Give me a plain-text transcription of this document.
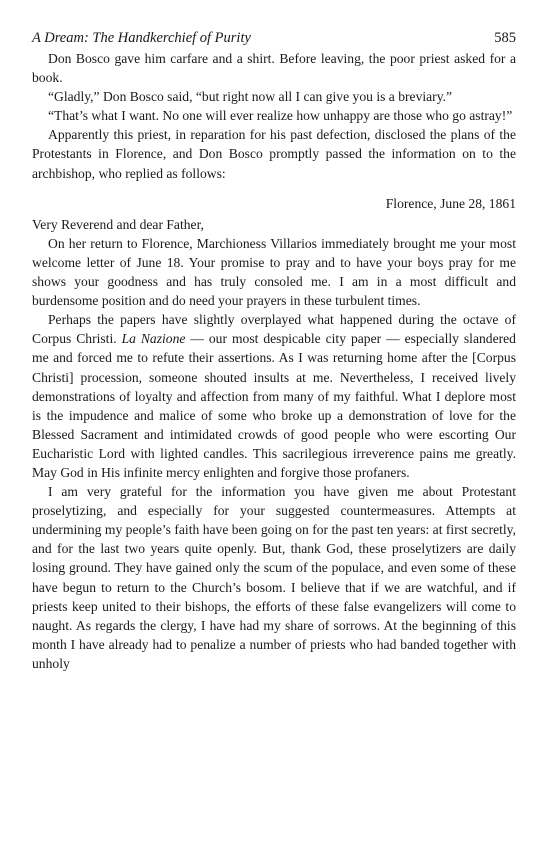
A Dream: The Handkerchief of Purity	585

Don Bosco gave him carfare and a shirt. Before leaving, the poor priest asked for a book.

“Gladly,” Don Bosco said, “but right now all I can give you is a breviary.”

“That’s what I want. No one will ever realize how unhappy are those who go astray!”

Apparently this priest, in reparation for his past defection, disclosed the plans of the Protestants in Florence, and Don Bosco promptly passed the information on to the archbishop, who replied as follows:

Florence, June 28, 1861

Very Reverend and dear Father,

On her return to Florence, Marchioness Villarios immediately brought me your most welcome letter of June 18. Your promise to pray and to have your boys pray for me shows your goodness and has truly consoled me. I am in a most difficult and burdensome position and do need your prayers in these turbulent times.

Perhaps the papers have slightly overplayed what happened during the octave of Corpus Christi. La Nazione — our most despicable city paper — especially slandered me and forced me to refute their assertions. As I was returning home after the [Corpus Christi] procession, someone shouted insults at me. Nevertheless, I received lively demonstrations of loyalty and affection from many of my faithful. What I deplore most is the impudence and malice of some who broke up a demonstration of love for the Blessed Sacrament and intimidated crowds of good people who were escorting Our Eucharistic Lord with lighted candles. This sacrilegious irreverence pains me greatly. May God in His infinite mercy enlighten and forgive those profaners.

I am very grateful for the information you have given me about Protestant proselytizing, and especially for your suggested countermeasures. Attempts at undermining my people’s faith have been going on for the past ten years: at first secretly, and for the last two years quite openly. But, thank God, these proselytizers are daily losing ground. They have gained only the scum of the populace, and even some of these have begun to return to the Church’s bosom. I believe that if we are watchful, and if priests keep united to their bishops, the efforts of these false evangelizers will come to naught. As regards the clergy, I have had my share of sorrows. At the beginning of this month I have already had to penalize a number of priests who had banded together with unholy
